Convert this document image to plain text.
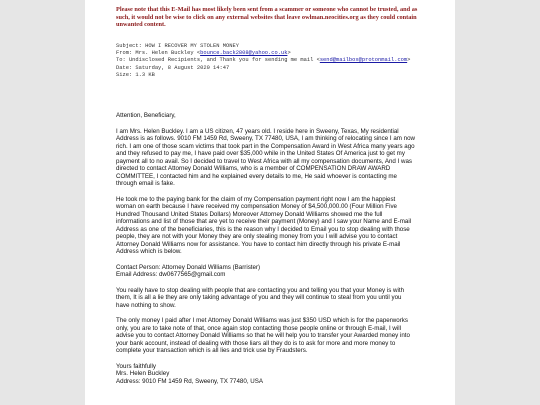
Please note that this E-Mail has most likely been sent from a scammer or someone who cannot be trusted, and as such, it would not be wise to click on any external websites that leave owlman.neocities.org as they could contain unwanted content.
Subject: HOW I RECOVER MY STOLEN MONEY
From: Mrs. Helen Buckley <bounce.back2808@yahoo.co.uk>
To: Undisclosed Recipients, and Thank you for sending me mail <send@mailbox@protonmail.com>
Date: Saturday, 8 August 2020 14:47
Size: 1.3 KB

Attention, Beneficiary,

I am Mrs. Helen Buckley. I am a US citizen, 47 years old. I reside here in Sweeny, Texas, My residential Address is as follows. 9010 FM 1459 Rd, Sweeny, TX 77480, USA, I am thinking of relocating since I am now rich. I am one of those scam victims that took part in the Compensation Award in West Africa many years ago and they refused to pay me, I have paid over $35,000 while in the United States Of America just to get my payment all to no avail. So I decided to travel to West Africa with all my compensation documents, And I was directed to contact Attorney Donald Williams, who is a member of COMPENSATION DRAW AWARD COMMITTEE, I contacted him and he explained every details to me, He said whoever is contacting me through email is fake.

He took me to the paying bank for the claim of my Compensation payment right now I am the happiest woman on earth because I have received my compensation Money of $4,500,000.00 (Four Million Five Hundred Thousand United States Dollars) Moreover Attorney Donald Williams showed me the full informations and list of those that are yet to receive their payment (Money) and I saw your Name and E-mail Address as one of the beneficiaries, this is the reason why I decided to Email you to stop dealing with those people, they are not with your Money they are only stealing money from you I will advise you to contact Attorney Donald Williams now for assistance. You have to contact him directly through his private E-mail Address which is below.

Contact Person: Attorney Donald Williams (Barrister)
Email Address: dw0677565@gmail.com

You really have to stop dealing with people that are contacting you and telling you that your Money is with them, It is all a lie they are only taking advantage of you and they will continue to steal from you until you have nothing to show.

The only money I paid after I met Attorney Donald Williams was just $350 USD which is for the paperworks only, you are to take note of that, once again stop contacting those people online or through E-mail, I will advise you to contact Attorney Donald Williams so that he will help you to transfer your Awarded money into your bank account, instead of dealing with those liars all they do is to ask for more and more money to complete your transaction which is all lies and trick use by Fraudsters.

Yours faithfully
Mrs. Helen Buckley
Address: 9010 FM 1459 Rd, Sweeny, TX 77480, USA
